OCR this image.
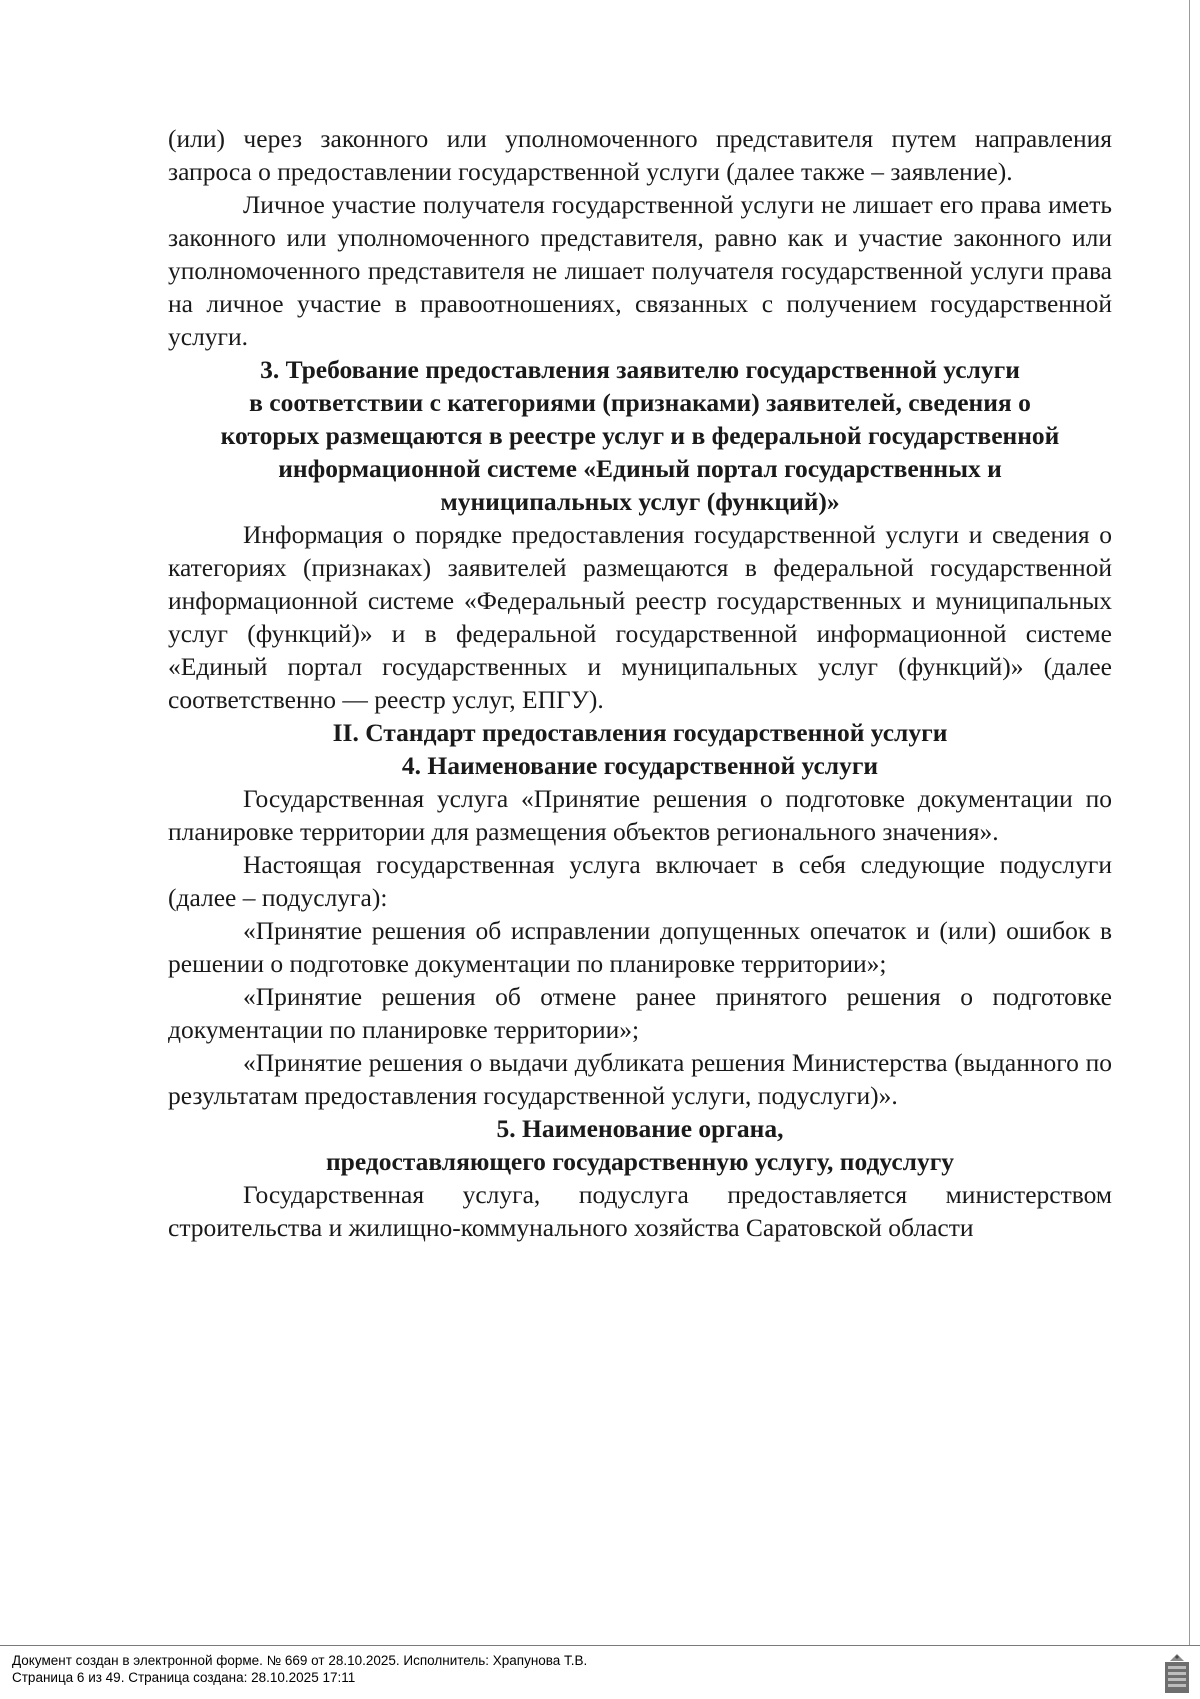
(или) через законного или уполномоченного представителя путем направления запроса о предоставлении государственной услуги (далее также – заявление).

Личное участие получателя государственной услуги не лишает его права иметь законного или уполномоченного представителя, равно как и участие законного или уполномоченного представителя не лишает получателя государственной услуги права на личное участие в правоотношениях, связанных с получением государственной услуги.

3. Требование предоставления заявителю государственной услуги
в соответствии с категориями (признаками) заявителей, сведения о
которых размещаются в реестре услуг и в федеральной государственной
информационной системе «Единый портал государственных и
муниципальных услуг (функций)»

Информация о порядке предоставления государственной услуги и сведения о категориях (признаках) заявителей размещаются в федеральной государственной информационной системе «Федеральный реестр государственных и муниципальных услуг (функций)» и в федеральной государственной информационной системе «Единый портал государственных и муниципальных услуг (функций)» (далее соответственно — реестр услуг, ЕПГУ).

II. Стандарт предоставления государственной услуги
4. Наименование государственной услуги

Государственная услуга «Принятие решения о подготовке документации по планировке территории для размещения объектов регионального значения».

Настоящая государственная услуга включает в себя следующие подуслуги (далее – подуслуга):

«Принятие решения об исправлении допущенных опечаток и (или) ошибок в решении о подготовке документации по планировке территории»;

«Принятие решения об отмене ранее принятого решения о подготовке документации по планировке территории»;

«Принятие решения о выдачи дубликата решения Министерства (выданного по результатам предоставления государственной услуги, подуслуги)».

5. Наименование органа,
предоставляющего государственную услугу, подуслугу

Государственная услуга, подуслуга предоставляется министерством строительства и жилищно-коммунального хозяйства Саратовской области

Документ создан в электронной форме. № 669 от 28.10.2025. Исполнитель: Храпунова Т.В.
Страница 6 из 49. Страница создана: 28.10.2025 17:11
